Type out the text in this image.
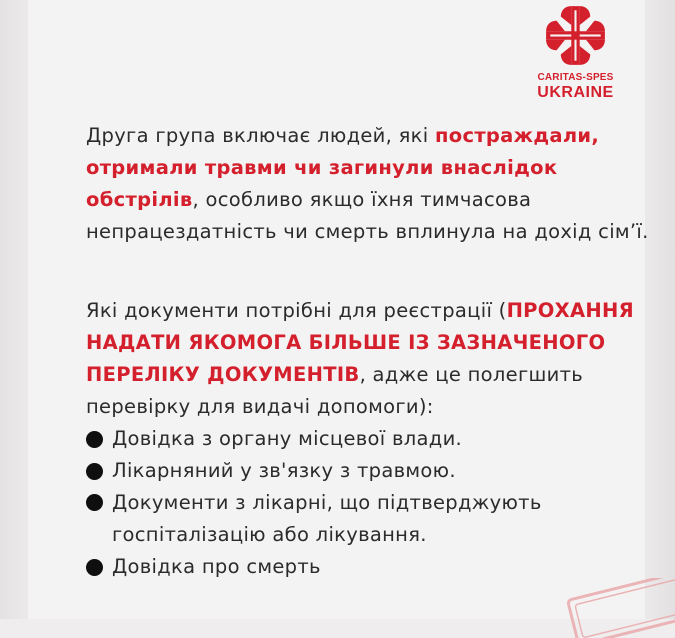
CARITAS-SPES
UKRAINE

Друга група включає людей, які постраждали, отримали травми чи загинули внаслідок обстрілів, особливо якщо їхня тимчасова непрацездатність чи смерть вплинула на дохід сім’ї.

Які документи потрібні для реєстрації (ПРОХАННЯ НАДАТИ ЯКОМОГА БІЛЬШЕ ІЗ ЗАЗНАЧЕНОГО ПЕРЕЛІКУ ДОКУМЕНТІВ, адже це полегшить перевірку для видачі допомоги):

Довідка з органу місцевої влади.
Лікарняний у зв'язку з травмою.
Документи з лікарні, що підтверджують госпіталізацію або лікування.
Довідка про смерть
